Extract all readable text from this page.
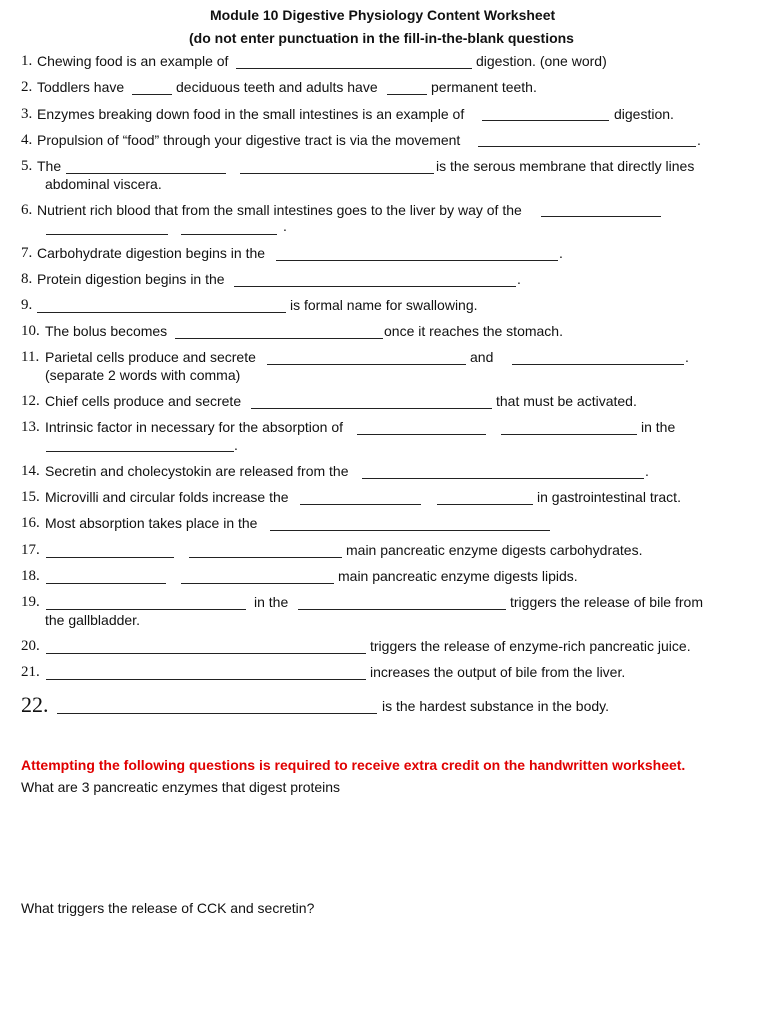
Module 10 Digestive Physiology Content Worksheet
(do not enter punctuation in the fill-in-the-blank questions
1. Chewing food is an example of	digestion. (one word)
2. Toddlers have	deciduous teeth and adults have	permanent teeth.
3. Enzymes breaking down food in the small intestines is an example of	digestion.
4. Propulsion of “food” through your digestive tract is via the movement	.
5. The	is the serous membrane that directly lines
abdominal viscera.
6. Nutrient rich blood that from the small intestines goes to the liver by way of the
.
7. Carbohydrate digestion begins in the	.
8. Protein digestion begins in the	.
9.	is formal name for swallowing.
10. The bolus becomes	once it reaches the stomach.
11. Parietal cells produce and secrete	and	.
(separate 2 words with comma)
12. Chief cells produce and secrete	that must be activated.
13. Intrinsic factor in necessary for the absorption of	in the
.
14. Secretin and cholecystokin are released from the	.
15. Microvilli and circular folds increase the	in gastrointestinal tract.
16. Most absorption takes place in the
17.	main pancreatic enzyme digests carbohydrates.
18.	main pancreatic enzyme digests lipids.
19.	in the	triggers the release of bile from
the gallbladder.
20.	triggers the release of enzyme-rich pancreatic juice.
21.	increases the output of bile from the liver.
22.	is the hardest substance in the body.
Attempting the following questions is required to receive extra credit on the handwritten worksheet.
What are 3 pancreatic enzymes that digest proteins
What triggers the release of CCK and secretin?
